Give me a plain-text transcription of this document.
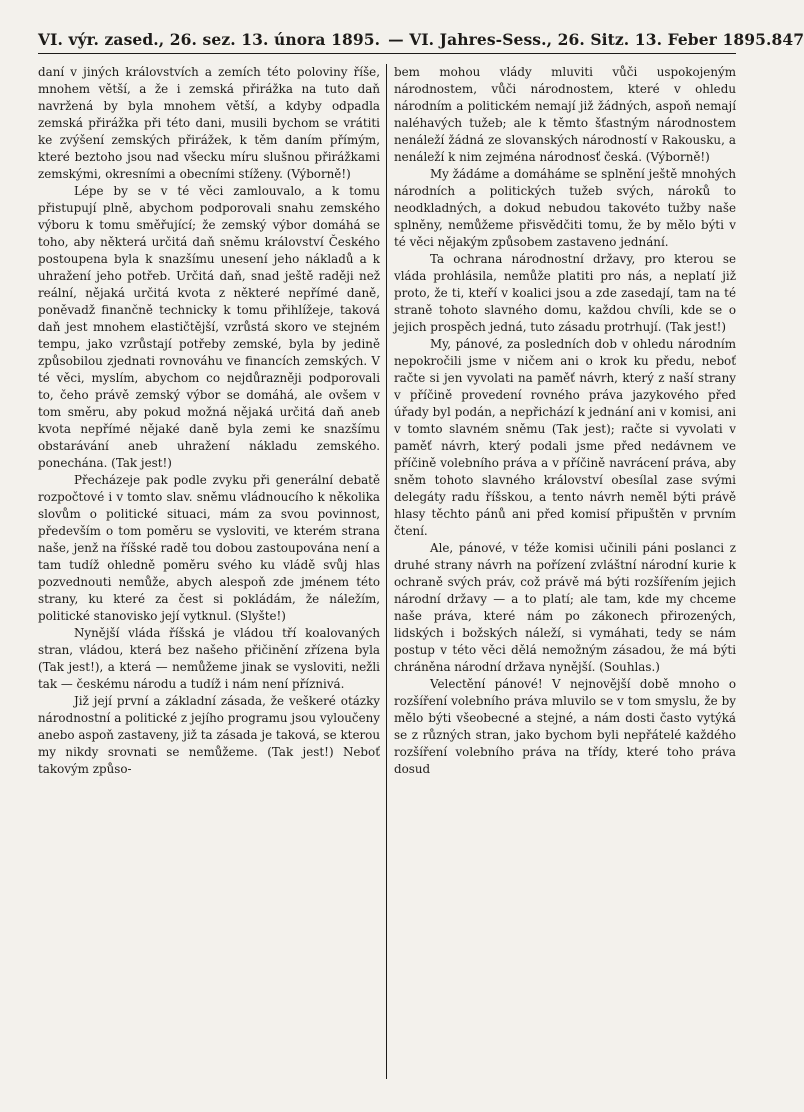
VI. výr. zased., 26. sez. 13. února 1895. — VI. Jahres-Sess., 26. Sitz. 13. Feber 1895. 847

daní v jiných královstvích a zemích této poloviny říše, mnohem větší, a že i zemská přirážka na tuto daň navržená by byla mnohem větší, a kdyby odpadla zemská přirážka při této dani, musili bychom se vrátiti ke zvýšení zemských přirážek, k těm daním přímým, které beztoho jsou nad všecku míru slušnou přirážkami zemskými, okresními a obecními stíženy. (Výborně!)

Lépe by se v té věci zamlouvalo, a k tomu přistupují plně, abychom podporovali snahu zemského výboru k tomu směřující; že zemský výbor domáhá se toho, aby některá určitá daň sněmu království Českého postoupena byla k snazšímu unesení jeho nákladů a k uhražení jeho potřeb. Určitá daň, snad ještě raději než reální, nějaká určitá kvota z některé nepřímé daně, poněvadž finančně technicky k tomu přihlížeje, taková daň jest mnohem elastičtější, vzrůstá skoro ve stejném tempu, jako vzrůstají potřeby zemské, byla by jedině způsobilou zjednati rovnováhu ve financích zemských. V té věci, myslím, abychom co nejdůrazněji podporovali to, čeho právě zemský výbor se domáhá, ale ovšem v tom směru, aby pokud možná nějaká určitá daň aneb kvota nepřímé nějaké daně byla zemi ke snazšímu obstarávání aneb uhražení nákladu zemského. ponechána. (Tak jest!)

Přecházeje pak podle zvyku při generální debatě rozpočtové i v tomto slav. sněmu vládnoucího k několika slovům o politické situaci, mám za svou povinnost, především o tom poměru se vysloviti, ve kterém strana naše, jenž na říšské radě tou dobou zastoupována není a tam tudíž ohledně poměru svého ku vládě svůj hlas pozvednouti nemůže, abych alespoň zde jménem této strany, ku které za čest si pokládám, že náležím, politické stanovisko její vytknul. (Slyšte!)

Nynější vláda říšská je vládou tří koalovaných stran, vládou, která bez našeho přičinění zřízena byla (Tak jest!), a která — nemůžeme jinak se vysloviti, nežli tak — českému národu a tudíž i nám není příznivá.

Již její první a základní zásada, že veškeré otázky národnostní a politické z jejího programu jsou vyloučeny anebo aspoň zastaveny, již ta zásada je taková, se kterou my nikdy srovnati se nemůžeme. (Tak jest!) Neboť takovým způso-

bem mohou vlády mluviti vůči uspokojeným národnostem, vůči národnostem, které v ohledu národním a politickém nemají již žádných, aspoň nemají naléhavých tužeb; ale k těmto šťastným národnostem nenáleží žádná ze slovanských národností v Rakousku, a nenáleží k nim zejména národnosť česká. (Výborně!)

My žádáme a domáháme se splnění ještě mnohých národních a politických tužeb svých, nároků to neodkladných, a dokud nebudou takovéto tužby naše splněny, nemůžeme přisvědčiti tomu, že by mělo býti v té věci nějakým způsobem zastaveno jednání.

Ta ochrana národnostní državy, pro kterou se vláda prohlásila, nemůže platiti pro nás, a neplatí již proto, že ti, kteří v koalici jsou a zde zasedají, tam na té straně tohoto slavného domu, každou chvíli, kde se o jejich prospěch jedná, tuto zásadu protrhují. (Tak jest!)

My, pánové, za posledních dob v ohledu národním nepokročili jsme v ničem ani o krok ku předu, neboť račte si jen vyvolati na paměť návrh, který z naší strany v příčině provedení rovného práva jazykového před úřady byl podán, a nepřichází k jednání ani v komisi, ani v tomto slavném sněmu (Tak jest); račte si vyvolati v paměť návrh, který podali jsme před nedávnem ve příčině volebního práva a v příčině navrácení práva, aby sněm tohoto slavného království obesílal zase svými delegáty radu říšskou, a tento návrh neměl býti právě hlasy těchto pánů ani před komisí připuštěn v prvním čtení.

Ale, pánové, v téže komisi učinili páni poslanci z druhé strany návrh na pořízení zvláštní národní kurie k ochraně svých práv, což právě má býti rozšířením jejich národní državy — a to platí; ale tam, kde my chceme naše práva, které nám po zákonech přirozených, lidských i božských náleží, si vymáhati, tedy se nám postup v této věci dělá nemožným zásadou, že má býti chráněna národní država nynější. (Souhlas.)

Velectění pánové! V nejnovější době mnoho o rozšíření volebního práva mluvilo se v tom smyslu, že by mělo býti všeobecné a stejné, a nám dosti často vytýká se z různých stran, jako bychom byli nepřátelé každého rozšíření volebního práva na třídy, které toho práva dosud
